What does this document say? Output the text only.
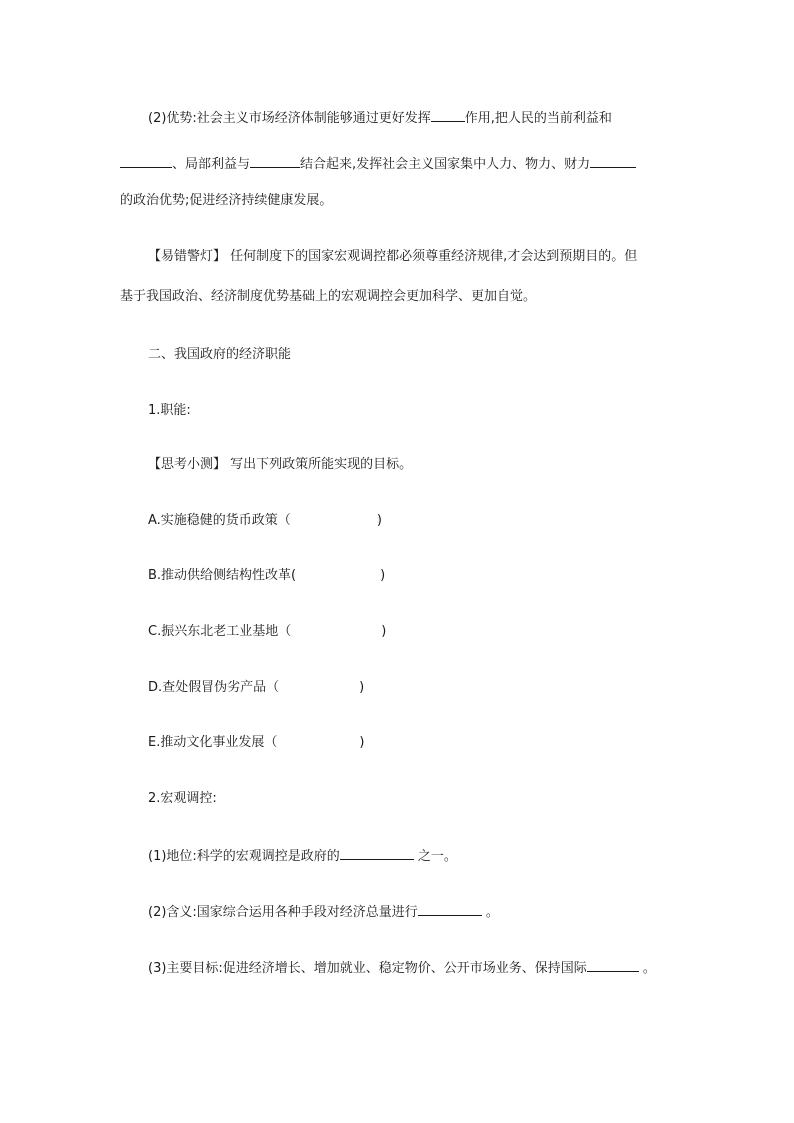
(2)优势:社会主义市场经济体制能够通过更好发挥	作用,把人民的当前利益和
、局部利益与	结合起来,发挥社会主义国家集中人力、物力、财力
的政治优势;促进经济持续健康发展。
【易错警灯】 任何制度下的国家宏观调控都必须尊重经济规律,才会达到预期目的。但
基于我国政治、经济制度优势基础上的宏观调控会更加科学、更加自觉。
二、我国政府的经济职能
1.职能:
【思考小测】 写出下列政策所能实现的目标。
A.实施稳健的货币政策（	)
B.推动供给侧结构性改革(	)
C.振兴东北老工业基地（	)
D.查处假冒伪劣产品（	)
E.推动文化事业发展（	)
2.宏观调控:
(1)地位:科学的宏观调控是政府的	之一。
(2)含义:国家综合运用各种手段对经济总量进行	。
(3)主要目标:促进经济增长、增加就业、稳定物价、公开市场业务、保持国际	。
